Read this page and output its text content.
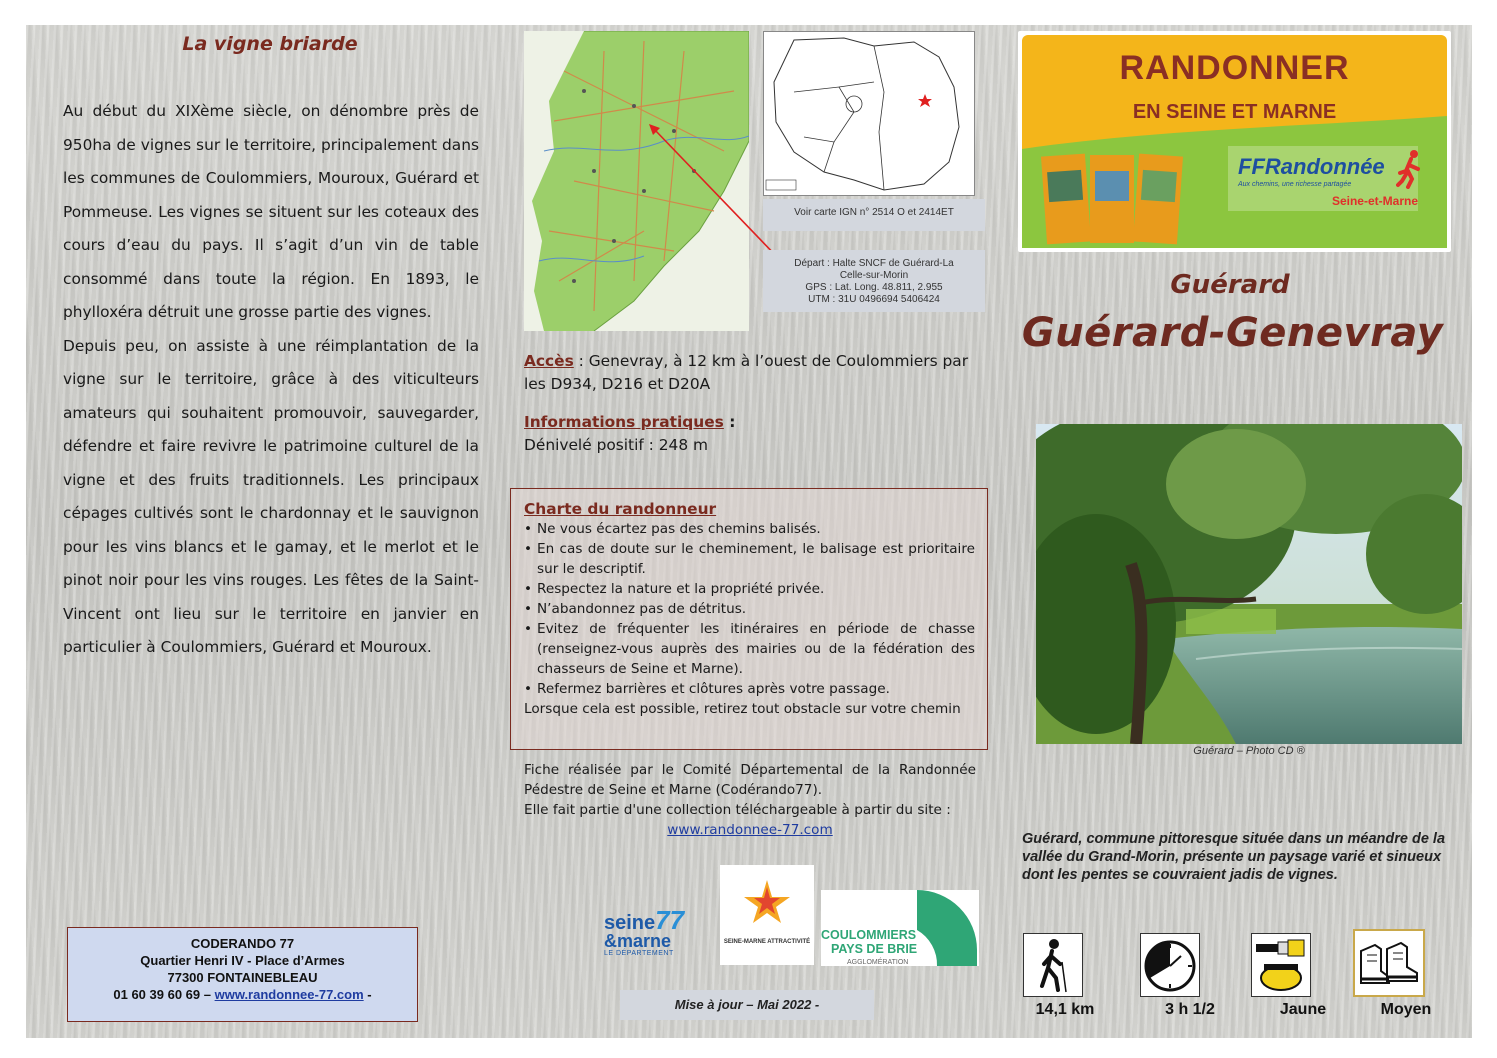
La vigne briarde

Au début du XIXème siècle, on dénombre près de 950ha de vignes sur le territoire, principalement dans les communes de Coulommiers, Mouroux, Guérard et Pommeuse. Les vignes se situent sur les coteaux des cours d’eau du pays. Il s’agit d’un vin de table consommé dans toute la région. En 1893, le phylloxéra détruit une grosse partie des vignes.

Depuis peu, on assiste à une réimplantation de la vigne sur le territoire, grâce à des viticulteurs amateurs qui souhaitent promouvoir, sauvegarder, défendre et faire revivre le patrimoine culturel de la vigne et des fruits traditionnels. Les principaux cépages cultivés sont le chardonnay et le sauvignon pour les vins blancs et le gamay, et le merlot et le pinot noir pour les vins rouges. Les fêtes de la Saint-Vincent ont lieu sur le territoire en janvier en particulier à Coulommiers, Guérard et Mouroux.

CODERANDO 77
Quartier Henri IV - Place d’Armes
77300 FONTAINEBLEAU
01 60 39 60 69 – www.randonnee-77.com -
Voir carte IGN n° 2514 O et 2414ET
Départ : Halte SNCF de Guérard-La
Celle-sur-Morin
GPS : Lat. Long. 48.811, 2.955
UTM : 31U 0496694 5406424
Accès : Genevray, à 12 km à l’ouest de Coulommiers par les D934, D216 et D20A
Informations pratiques :
Dénivelé positif : 248 m
Charte du randonneur
• Ne vous écartez pas des chemins balisés.
• En cas de doute sur le cheminement, le balisage est prioritaire sur le descriptif.
• Respectez la nature et la propriété privée.
• N’abandonnez pas de détritus.
• Evitez de fréquenter les itinéraires en période de chasse (renseignez-vous auprès des mairies ou de la fédération des chasseurs de Seine et Marne).
• Refermez barrières et clôtures après votre passage.
Lorsque cela est possible, retirez tout obstacle sur votre chemin
Fiche réalisée par le Comité Départemental de la Randonnée Pédestre de Seine et Marne (Codérando77).
Elle fait partie d'une collection téléchargeable à partir du site :
www.randonnee-77.com
seine77
&marne
LE DÉPARTEMENT
SEINE-MARNE ATTRACTIVITÉ COULOMMIERS
PAYS DE BRIE
AGGLOMÉRATION
Mise à jour – Mai 2022 -
RANDONNER
EN SEINE ET MARNE
FFRandonnée
Aux chemins, une richesse partagée
Seine-et-Marne
Guérard
Guérard-Genevray
Guérard – Photo CD ®
Guérard, commune pittoresque située dans un méandre de la vallée du Grand-Morin, présente un paysage varié et sinueux dont les pentes se couvraient jadis de vignes.
14,1 km	3 h 1/2	Jaune	Moyen
